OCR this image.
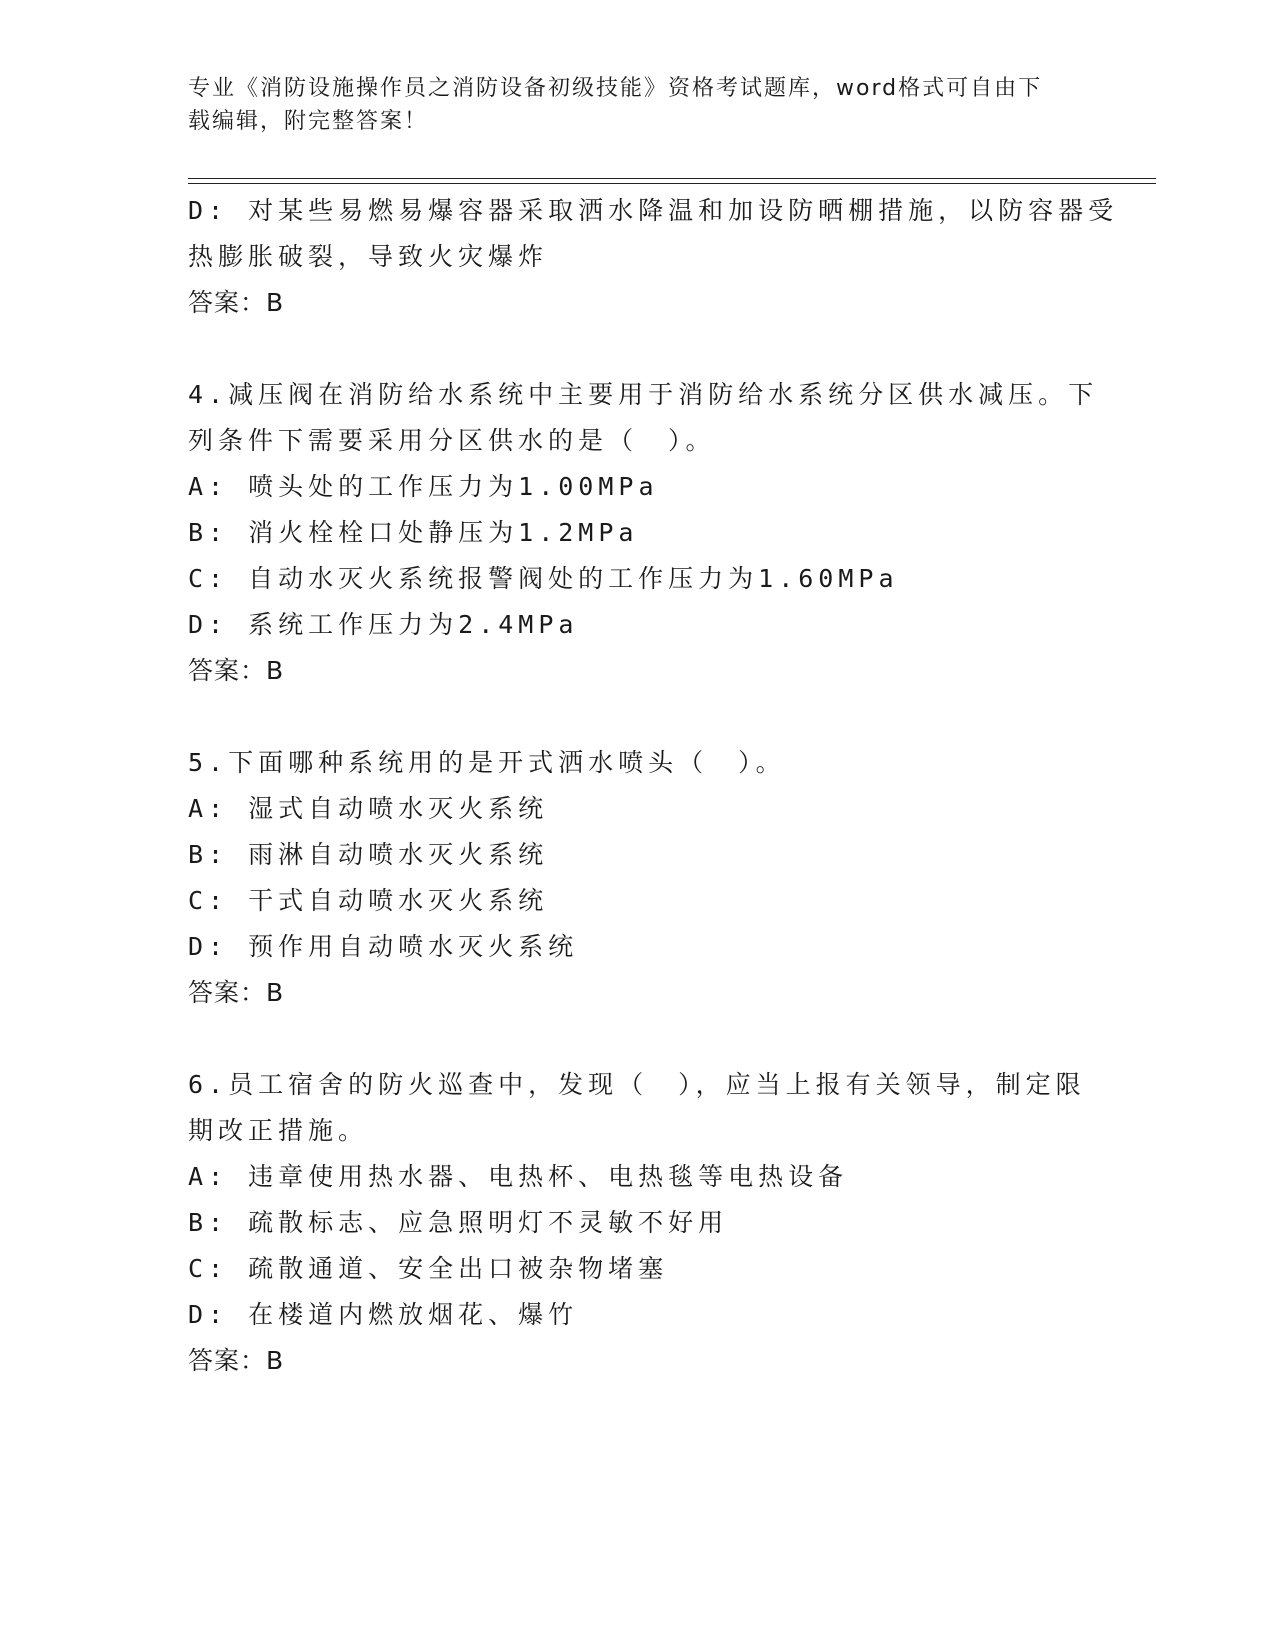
专业《消防设施操作员之消防设备初级技能》资格考试题库，word格式可自由下
载编辑，附完整答案！
D: 对某些易燃易爆容器采取洒水降温和加设防晒棚措施，以防容器受
热膨胀破裂，导致火灾爆炸
答案：B
4.减压阀在消防给水系统中主要用于消防给水系统分区供水减压。下
列条件下需要采用分区供水的是（　）。
A: 喷头处的工作压力为1.00MPa
B: 消火栓栓口处静压为1.2MPa
C: 自动水灭火系统报警阀处的工作压力为1.60MPa
D: 系统工作压力为2.4MPa
答案：B
5.下面哪种系统用的是开式洒水喷头（　）。
A: 湿式自动喷水灭火系统
B: 雨淋自动喷水灭火系统
C: 干式自动喷水灭火系统
D: 预作用自动喷水灭火系统
答案：B
6.员工宿舍的防火巡查中，发现（　），应当上报有关领导，制定限
期改正措施。
A: 违章使用热水器、电热杯、电热毯等电热设备
B: 疏散标志、应急照明灯不灵敏不好用
C: 疏散通道、安全出口被杂物堵塞
D: 在楼道内燃放烟花、爆竹
答案：B
